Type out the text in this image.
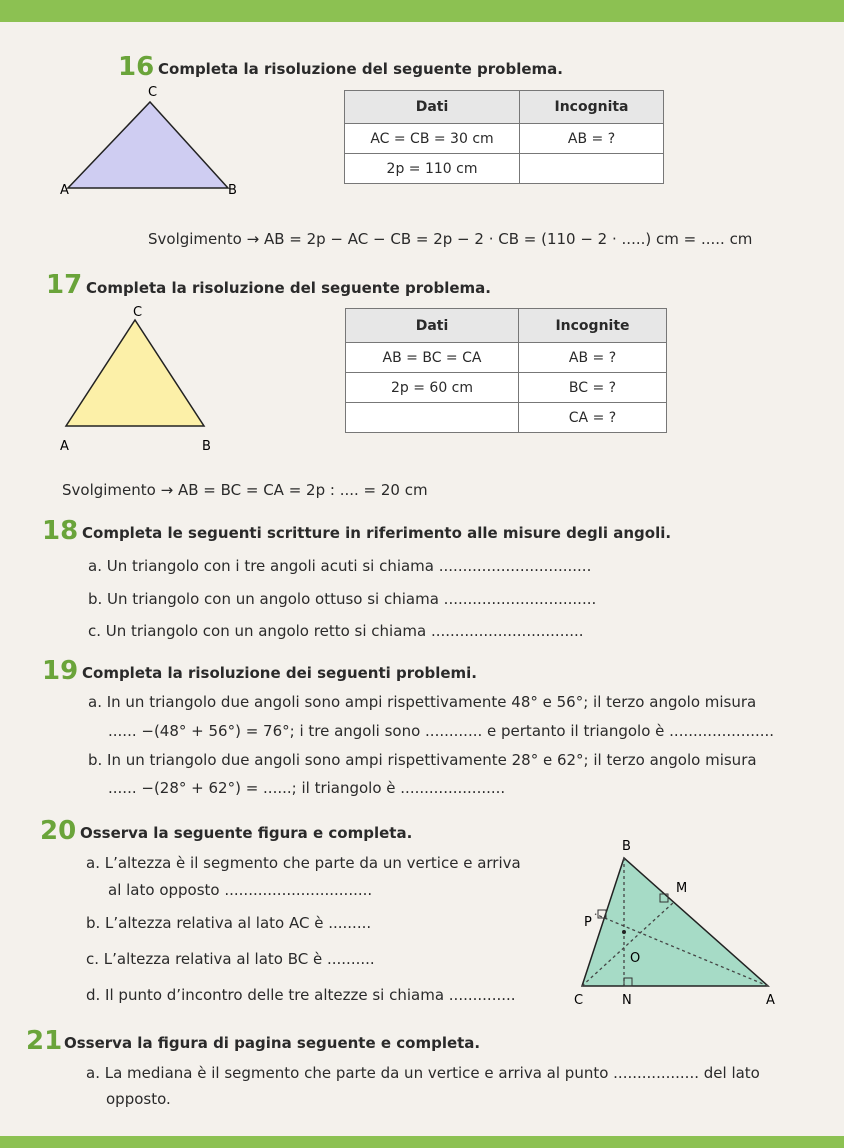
16 Completa la risoluzione del seguente problema.
C
A	B
Dati	Incognita
AC = CB = 30 cm	AB = ?
2p = 110 cm	
Svolgimento → AB = 2p − AC − CB = 2p − 2 · CB = (110 − 2 · .....) cm = ..... cm
17 Completa la risoluzione del seguente problema.
C
A	B
Dati	Incognite
AB = BC = CA	AB = ?
2p = 60 cm	BC = ?
	CA = ?
Svolgimento → AB = BC = CA = 2p : .... = 20 cm
18 Completa le seguenti scritture in riferimento alle misure degli angoli.
a. Un triangolo con i tre angoli acuti si chiama ................................
b. Un triangolo con un angolo ottuso si chiama ................................
c. Un triangolo con un angolo retto si chiama ................................
19 Completa la risoluzione dei seguenti problemi.
a. In un triangolo due angoli sono ampi rispettivamente 48° e 56°; il terzo angolo misura
...... −(48° + 56°) = 76°; i tre angoli sono ............ e pertanto il triangolo è ......................
b. In un triangolo due angoli sono ampi rispettivamente 28° e 62°; il terzo angolo misura
...... −(28° + 62°) = ......; il triangolo è ......................
20 Osserva la seguente figura e completa.
a. L’altezza è il segmento che parte da un vertice e arriva
al lato opposto ...............................
b. L’altezza relativa al lato AC è .........
c. L’altezza relativa al lato BC è ..........
d. Il punto d’incontro delle tre altezze si chiama ..............
B
M
P
O
C	N	A
21 Osserva la figura di pagina seguente e completa.
a. La mediana è il segmento che parte da un vertice e arriva al punto .................. del lato
opposto.
